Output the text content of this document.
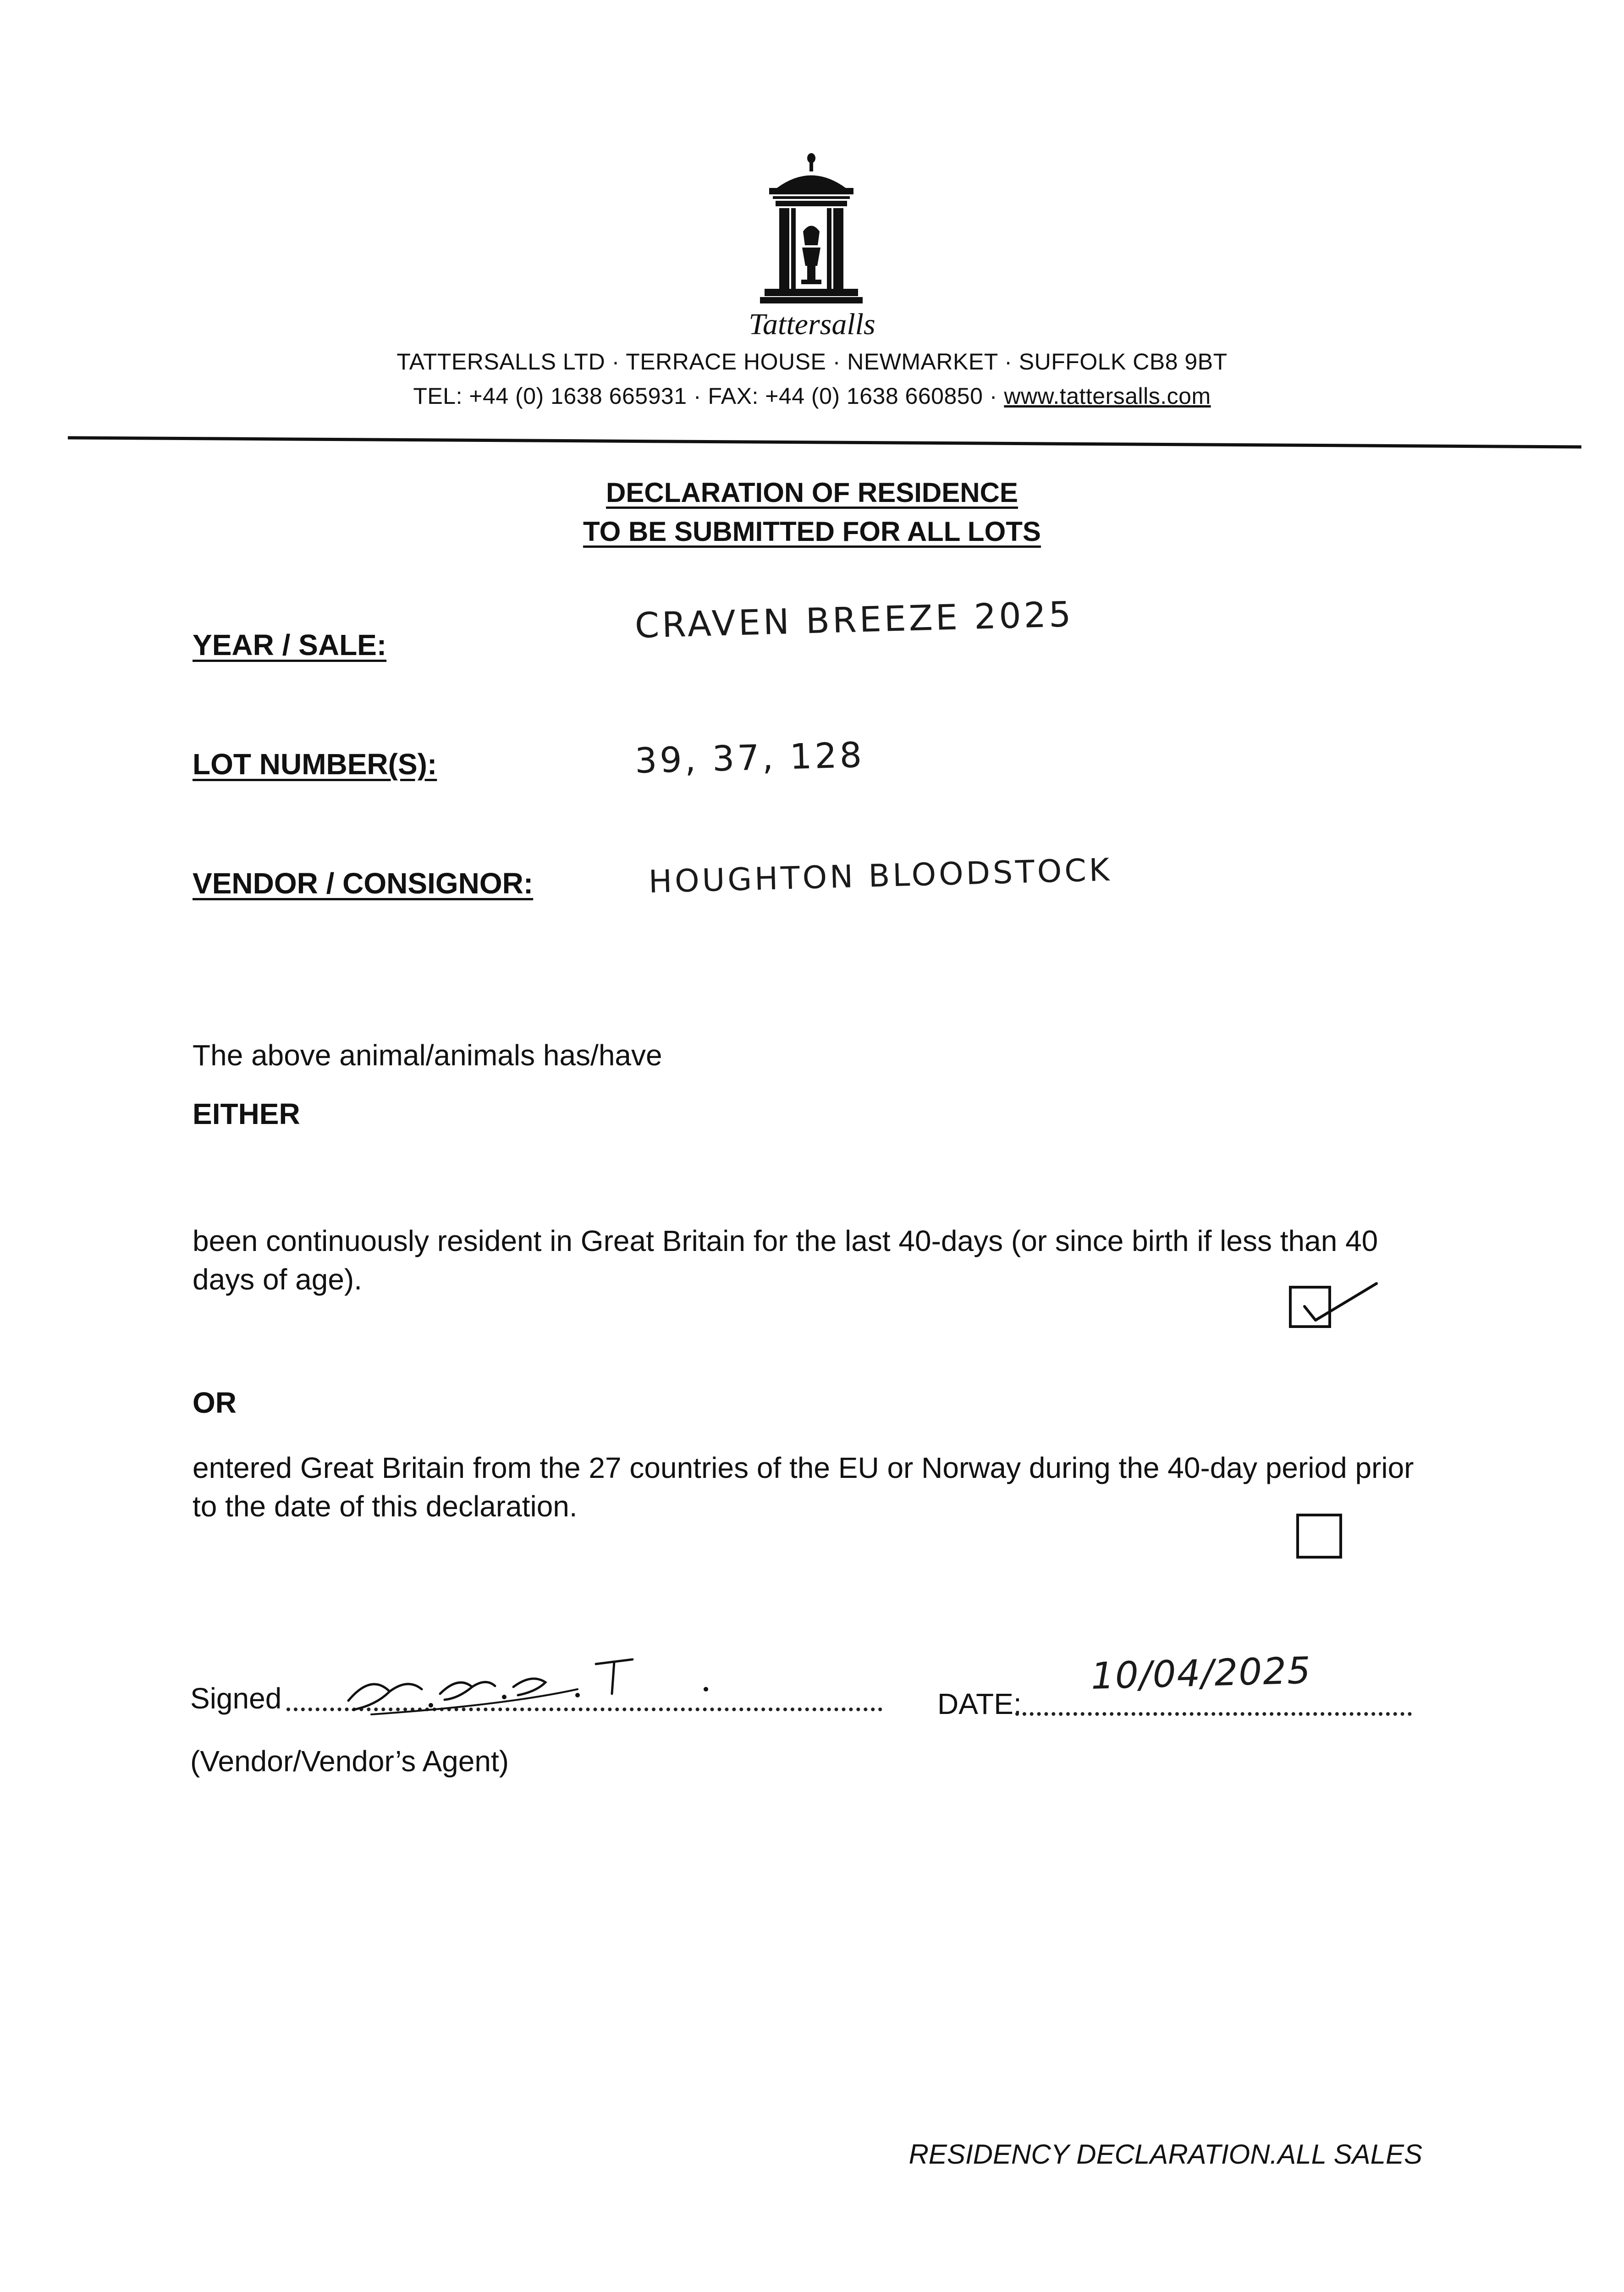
Tattersalls
TATTERSALLS LTD · TERRACE HOUSE · NEWMARKET · SUFFOLK CB8 9BT
TEL: +44 (0) 1638 665931 · FAX: +44 (0) 1638 660850 · www.tattersalls.com
DECLARATION OF RESIDENCE
TO BE SUBMITTED FOR ALL LOTS
YEAR / SALE:	CRAVEN BREEZE 2025
LOT NUMBER(S):	39, 37, 128
VENDOR / CONSIGNOR:	HOUGHTON BLOODSTOCK
The above animal/animals has/have
EITHER
been continuously resident in Great Britain for the last 40-days (or since birth if less than 40 days of age).
OR
entered Great Britain from the 27 countries of the EU or Norway during the 40-day period prior to the date of this declaration.
Signed
(Vendor/Vendor’s Agent)
DATE:
10/04/2025
RESIDENCY DECLARATION.ALL SALES
